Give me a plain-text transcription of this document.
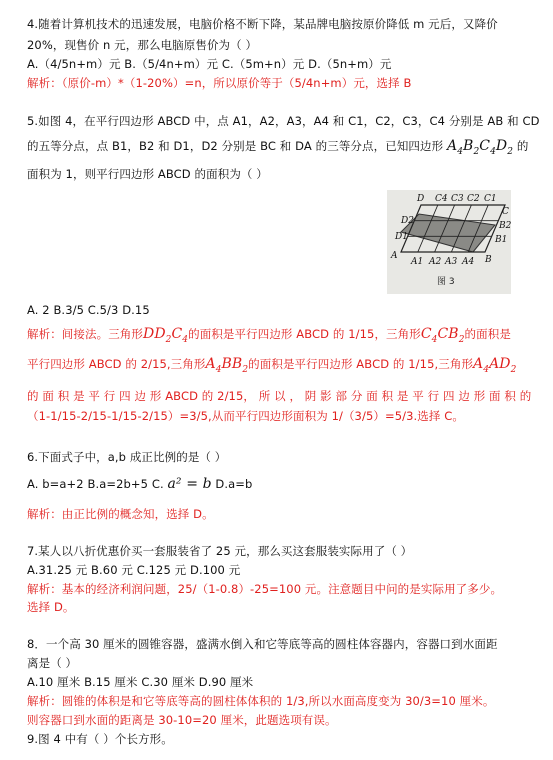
4.随着计算机技术的迅速发展，电脑价格不断下降，某品牌电脑按原价降低 m 元后，又降价
20%，现售价 n 元，那么电脑原售价为（ ）
A.（4/5n+m）元 B.（5/4n+m）元 C.（5m+n）元 D.（5n+m）元
解析：（原价-m）*（1-20%）=n，所以原价等于（5/4n+m）元，选择 B
5.如图 4，在平行四边形 ABCD 中，点 A1，A2，A3，A4 和 C1，C2，C3，C4 分别是 AB 和 CD
的五等分点，点 B1，B2 和 D1，D2 分别是 BC 和 DA 的三等分点，已知四边形 $A_4B_2C_4D_2$ 的
面积为 1，则平行四边形 ABCD 的面积为（ ）
D C4 C3 C2 C1
C
A
A1 A2 A3 A4 B
D1
D2
B1
B2
图 3
A. 2 B.3/5 C.5/3 D.15
解析：间接法。三角形$DD_2C_4$的面积是平行四边形 ABCD 的 1/15，三角形$C_4CB_2$的面积是
平行四边形 ABCD 的 2/15,三角形$A_4BB_2$的面积是平行四边形 ABCD 的 1/15,三角形$A_4AD_2$
的 面 积 是 平 行 四 边 形 ABCD 的 2/15， 所 以 ， 阴 影 部 分 面 积 是 平 行 四 边 形 面 积 的
（1-1/15-2/15-1/15-2/15）=3/5,从而平行四边形面积为 1/（3/5）=5/3.选择 C。
6.下面式子中，a,b 成正比例的是（ ）
A. b=a+2 B.a=2b+5 C. a² = b D.a=b
解析：由正比例的概念知，选择 D。
7.某人以八折优惠价买一套服装省了 25 元，那么买这套服装实际用了（ ）
A.31.25 元 B.60 元 C.125 元 D.100 元
解析：基本的经济利润问题，25/（1-0.8）-25=100 元。注意题目中问的是实际用了多少。
选择 D。
8．一个高 30 厘米的圆锥容器，盛满水倒入和它等底等高的圆柱体容器内，容器口到水面距
离是（ ）
A.10 厘米 B.15 厘米 C.30 厘米 D.90 厘米
解析：圆锥的体积是和它等底等高的圆柱体体积的 1/3,所以水面高度变为 30/3=10 厘米。
则容器口到水面的距离是 30-10=20 厘米，此题选项有误。
9.图 4 中有（ ）个长方形。
